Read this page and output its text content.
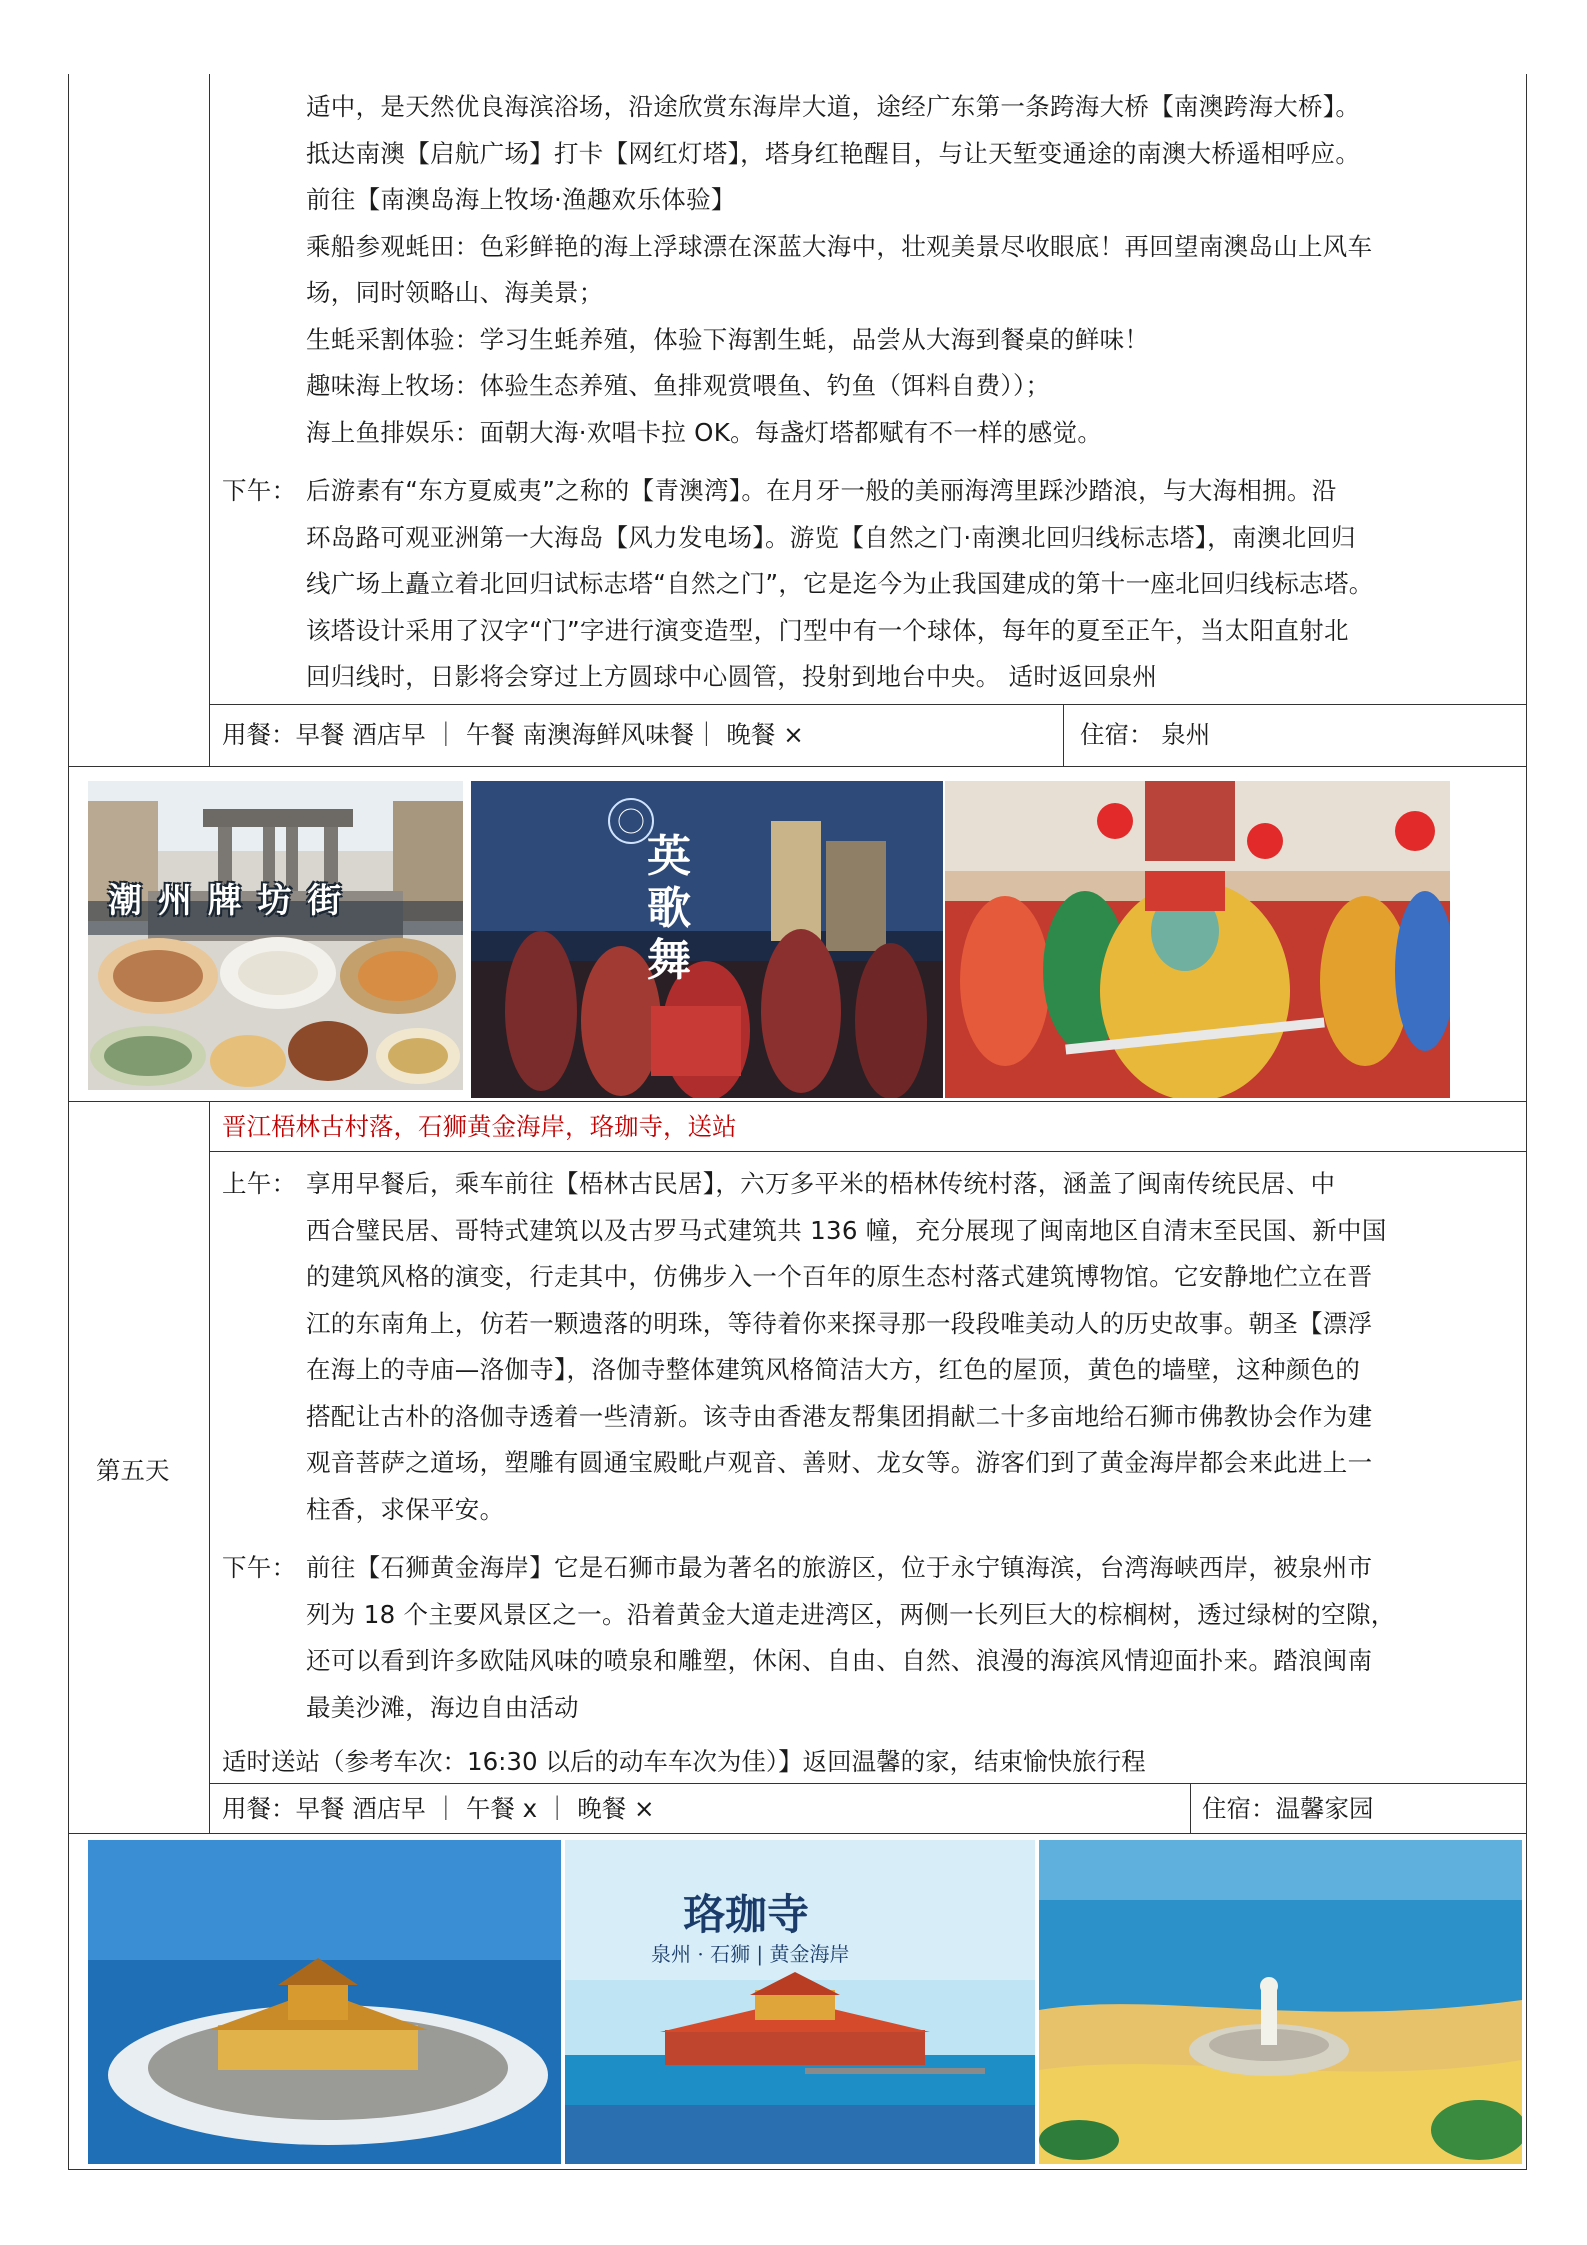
适中，是天然优良海滨浴场，沿途欣赏东海岸大道，途经广东第一条跨海大桥【南澳跨海大桥】。
抵达南澳【启航广场】打卡【网红灯塔】，塔身红艳醒目，与让天堑变通途的南澳大桥遥相呼应。
前往【南澳岛海上牧场·渔趣欢乐体验】
乘船参观蚝田：色彩鲜艳的海上浮球漂在深蓝大海中，壮观美景尽收眼底！再回望南澳岛山上风车
场，同时领略山、海美景；
生蚝采割体验：学习生蚝养殖，体验下海割生蚝，品尝从大海到餐桌的鲜味！
趣味海上牧场：体验生态养殖、鱼排观赏喂鱼、钓鱼（饵料自费））；
海上鱼排娱乐：面朝大海·欢唱卡拉 OK。每盏灯塔都赋有不一样的感觉。
下午： 后游素有“东方夏威夷”之称的【青澳湾】。在月牙一般的美丽海湾里踩沙踏浪，与大海相拥。沿
环岛路可观亚洲第一大海岛【风力发电场】。游览【自然之门·南澳北回归线标志塔】，南澳北回归
线广场上矗立着北回归试标志塔“自然之门”，它是迄今为止我国建成的第十一座北回归线标志塔。
该塔设计采用了汉字“门”字进行演变造型，门型中有一个球体，每年的夏至正午，当太阳直射北
回归线时，日影将会穿过上方圆球中心圆管，投射到地台中央。 适时返回泉州
用餐：早餐 酒店早 ｜ 午餐 南澳海鲜风味餐｜ 晚餐 ×	住宿： 泉州
潮 州 牌 坊 街
英歌舞
第五天
晋江梧林古村落，石狮黄金海岸，珞珈寺，送站
上午： 享用早餐后，乘车前往【梧林古民居】，六万多平米的梧林传统村落，涵盖了闽南传统民居、中
西合璧民居、哥特式建筑以及古罗马式建筑共 136 幢，充分展现了闽南地区自清末至民国、新中国
的建筑风格的演变，行走其中，仿佛步入一个百年的原生态村落式建筑博物馆。它安静地伫立在晋
江的东南角上，仿若一颗遗落的明珠，等待着你来探寻那一段段唯美动人的历史故事。朝圣【漂浮
在海上的寺庙—洛伽寺】，洛伽寺整体建筑风格简洁大方，红色的屋顶，黄色的墙壁，这种颜色的
搭配让古朴的洛伽寺透着一些清新。该寺由香港友帮集团捐献二十多亩地给石狮市佛教协会作为建
观音菩萨之道场，塑雕有圆通宝殿毗卢观音、善财、龙女等。游客们到了黄金海岸都会来此进上一
柱香，求保平安。
下午： 前往【石狮黄金海岸】它是石狮市最为著名的旅游区，位于永宁镇海滨，台湾海峡西岸，被泉州市
列为 18 个主要风景区之一。沿着黄金大道走进湾区，两侧一长列巨大的棕榈树，透过绿树的空隙，
还可以看到许多欧陆风味的喷泉和雕塑，休闲、自由、自然、浪漫的海滨风情迎面扑来。踏浪闽南
最美沙滩，海边自由活动
适时送站（参考车次：16:30 以后的动车车次为佳）】返回温馨的家，结束愉快旅行程
用餐：早餐 酒店早 ｜ 午餐 x ｜ 晚餐 ×	住宿：温馨家园
珞珈寺
泉州 · 石狮 | 黄金海岸
